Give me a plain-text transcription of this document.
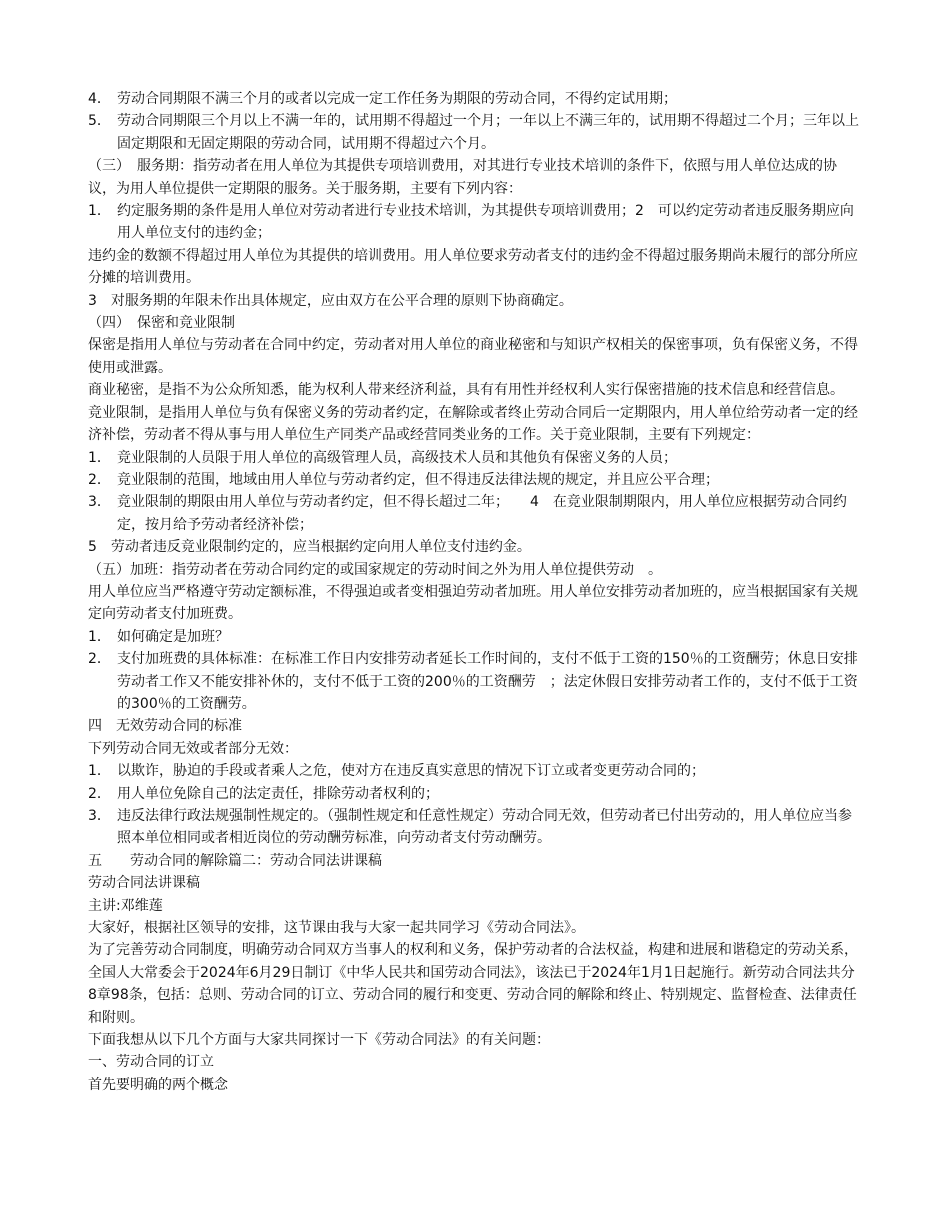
4． 劳动合同期限不满三个月的或者以完成一定工作任务为期限的劳动合同，不得约定试用期；
5． 劳动合同期限三个月以上不满一年的，试用期不得超过一个月；一年以上不满三年的，试用期不得超过二个月；三年以上固定期限和无固定期限的劳动合同，试用期不得超过六个月。

（三）　服务期：指劳动者在用人单位为其提供专项培训费用，对其进行专业技术培训的条件下，依照与用人单位达成的协议，为用人单位提供一定期限的服务。关于服务期，主要有下列内容：

1． 约定服务期的条件是用人单位对劳动者进行专业技术培训，为其提供专项培训费用；2　可以约定劳动者违反服务期应向用人单位支付的违约金；

违约金的数额不得超过用人单位为其提供的培训费用。用人单位要求劳动者支付的违约金不得超过服务期尚未履行的部分所应分摊的培训费用。

3　对服务期的年限未作出具体规定，应由双方在公平合理的原则下协商确定。

（四）　保密和竞业限制

保密是指用人单位与劳动者在合同中约定，劳动者对用人单位的商业秘密和与知识产权相关的保密事项，负有保密义务，不得使用或泄露。

商业秘密，是指不为公众所知悉，能为权利人带来经济利益，具有有用性并经权利人实行保密措施的技术信息和经营信息。

竞业限制，是指用人单位与负有保密义务的劳动者约定，在解除或者终止劳动合同后一定期限内，用人单位给劳动者一定的经济补偿，劳动者不得从事与用人单位生产同类产品或经营同类业务的工作。关于竞业限制，主要有下列规定：

1． 竞业限制的人员限于用人单位的高级管理人员，高级技术人员和其他负有保密义务的人员；
2． 竞业限制的范围，地域由用人单位与劳动者约定，但不得违反法律法规的规定，并且应公平合理；
3． 竞业限制的期限由用人单位与劳动者约定，但不得长超过二年；　　4　在竞业限制期限内，用人单位应根据劳动合同约定，按月给予劳动者经济补偿；

5　劳动者违反竞业限制约定的，应当根据约定向用人单位支付违约金。

（五）加班：指劳动者在劳动合同约定的或国家规定的劳动时间之外为用人单位提供劳动　。

用人单位应当严格遵守劳动定额标准，不得强迫或者变相强迫劳动者加班。用人单位安排劳动者加班的，应当根据国家有关规定向劳动者支付加班费。

1． 如何确定是加班？
2． 支付加班费的具体标准：在标准工作日内安排劳动者延长工作时间的，支付不低于工资的150％的工资酬劳；休息日安排劳动者工作又不能安排补休的，支付不低于工资的200％的工资酬劳　；法定休假日安排劳动者工作的，支付不低于工资的300％的工资酬劳。

四　无效劳动合同的标准

下列劳动合同无效或者部分无效：

1． 以欺诈，胁迫的手段或者乘人之危，使对方在违反真实意思的情况下订立或者变更劳动合同的；
2． 用人单位免除自己的法定责任，排除劳动者权利的；
3． 违反法律行政法规强制性规定的。（强制性规定和任意性规定）劳动合同无效，但劳动者已付出劳动的，用人单位应当参照本单位相同或者相近岗位的劳动酬劳标准，向劳动者支付劳动酬劳。

五　　劳动合同的解除篇二：劳动合同法讲课稿

劳动合同法讲课稿

主讲:邓维莲

大家好，根据社区领导的安排，这节课由我与大家一起共同学习《劳动合同法》。

为了完善劳动合同制度，明确劳动合同双方当事人的权利和义务，保护劳动者的合法权益，构建和进展和谐稳定的劳动关系，全国人大常委会于2024年6月29日制订《中华人民共和国劳动合同法》，该法已于2024年1月1日起施行。新劳动合同法共分8章98条，包括：总则、劳动合同的订立、劳动合同的履行和变更、劳动合同的解除和终止、特别规定、监督检查、法律责任和附则。

下面我想从以下几个方面与大家共同探讨一下《劳动合同法》的有关问题：

一、劳动合同的订立

首先要明确的两个概念
